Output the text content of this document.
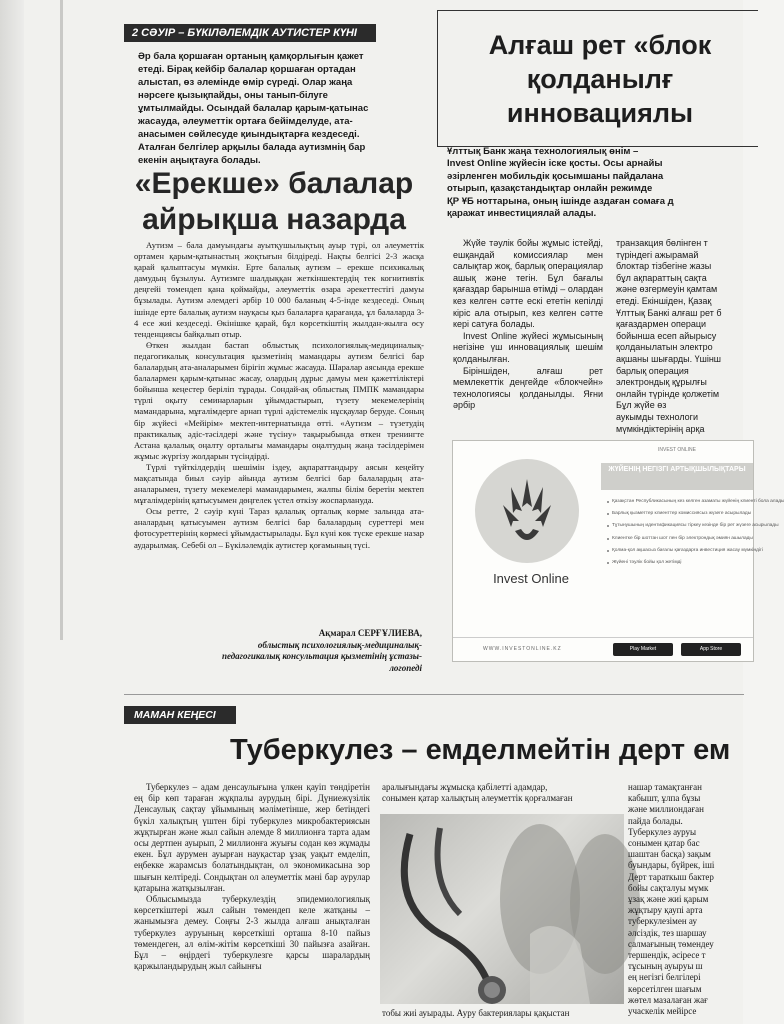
2 СӘУІР – БҮКІЛӘЛЕМДІК АУТИСТЕР КҮНІ
Әр бала қоршаған ортаның қамқорлығын қажет етеді. Бірақ кейбір балалар қоршаған ортадан алыстап, өз әлемінде өмір сүреді. Олар жаңа нәрсеге қызықпайды, оны танып-білуге ұмтылмайды. Осындай балалар қарым-қатынас жасауда, әлеуметтік ортаға бейімделуде, ата-анасымен сөйлесуде қиындықтарға кездеседі. Аталған белгілер арқылы балада аутизмнің бар екенін аңықтауға болады.
«Ерекше» балалар айрықша назарда

Аутизм – бала дамуындағы ауытқушылықтың ауыр түрі, ол әлеуметтік ортамен қарым-қатынастың жоқтығын білдіреді. Нақты белгісі 2-3 жасқа қарай қалыптасуы мүмкін. Ерте балалық аутизм – ерекше психикалық дамудың бұзылуы. Аутизмге шалдыққан жеткіншектердің тек когнитивтік деңгейі төмендеп қана қоймайды, әлеуметтік өзара әрекеттестігі дамуы бұзылады. Аутизм әлемдегі әрбір 10 000 баланың 4-5-інде кездеседі. Оның ішінде ерте балалық аутизм науқасы қыз балаларға қарағанда, ұл балаларда 3-4 есе жиі кездеседі. Өкінішке қарай, бұл көрсеткіштің жылдан-жылға өсу тенденциясы байқалып отыр.

Өткен жылдан бастап облыстық психологиялық-медициналық-педагогикалық консультация қызметінің мамандары аутизм белгісі бар балалардың ата-аналарымен бірігіп жұмыс жасауда. Шаралар аясында ерекше балалармен қарым-қатынас жасау, олардың дұрыс дамуы мен қажеттіліктері бойынша кеңестер беріліп тұрады. Сондай-ақ облыстық ПМПК мамандары түрлі оқыту семинарларын ұйымдастырып, түзету мекемелерінің мамандарына, мұғалімдерге арнап түрлі әдістемелік нұсқаулар беруде. Соның бір жүйесі «Мейірім» мектеп-интернатында өтті. «Аутизм – түзетудің практикалық әдіс-тәсілдері және түсіну» тақырыбында өткен тренингте Астана қалалық оңалту орталығы мамандары оңалтудың жаңа тәсілдерімен жұмыс жүргізу жолдарын түсіндірді.

Түрлі түйткілдердің шешімін іздеу, ақпараттандыру аясын кеңейту мақсатында биыл сәуір айында аутизм белгісі бар балалардың ата-аналарымен, түзету мекемелері мамандарымен, жалпы білім беретін мектеп мұғалімдерінің қатысуымен дөңгелек үстел өткізу жоспарлануда.

Осы ретте, 2 сәуір күні Тараз қалалық орталық көрме залында ата-аналардың қатысуымен аутизм белгісі бар балалардың суреттері мен фотосуреттерінің көрмесі ұйымдастырылады. Бұл күні көк түске ерекше назар аударылмақ. Себебі ол – Бүкіләлемдік аутистер қоғамының түсі.

Ақмарал СЕРҒҰЛИЕВА,
облыстық психологиялық-медициналық-педагогикалық консультация қызметінің ұстазы-логопеді
Алғаш рет «блок
қолданылғ
инновациялы
Ұлттық Банк жаңа технологиялық өнім –
Invest Online жүйесін іске қосты. Осы арнайы
әзірленген мобильдік қосымшаны пайдалана
отырып, қазақстандықтар онлайн режимде
ҚР ҰБ ноттарына, оның ішінде аздаған сомаға д
қаражат инвестициялай алады.

Жүйе тәулік бойы жұмыс істейді, ешқандай комиссиялар мен салықтар жоқ, барлық операциялар ашық және тегін. Бұл бағалы қағаздар барынша өтімді – олардан кез келген сәтте ескі ететін кепілді кіріс ала отырып, кез келген сәтте кері сатуға болады.

Invest Online жүйесі жұмысының негізіне үш инновациялық шешім қолданылған.

Біріншіден, алғаш рет мемлекеттік деңгейде «блокчейн» технологиясы қолданылды. Яғни әрбір

транзакция бөлінген т

түріндегі ажырамай

блоктар тізбегіне жазы

бұл ақпараттың сақта

және өзгермеуін қамтам

етеді. Екіншіден, Қазақ

Ұлттық Банкі алғаш рет б

қағаздармен операци

бойынша есеп айырысу

қолданылатын электро

ақшаны шығарды. Үшінш

барлық операция

электрондық құрылғы

онлайн түрінде қолжетім

Бұл жүйе өз

аукымды технологи

мүмкіндіктерінің арқа

Invest Online
INVEST ONLINE
ЖҮЙЕНІҢ НЕГІЗГІ АРТЫҚШЫЛЫҚТАРЫ
Қазақстан Республикасының кез келген азаматы жүйенің клиенті бола алады
Барлық қызметтер клиенттер комиссиясыз жүзеге асырылады
Тұтынушының идентификациясы тіркеу кезінде бір рет жүзеге асырылады
Клиентке бір шоттан шот пен бір электрондық әмиян ашылады
Қолма-қол ақшасыз бағалы қағаздарға инвестиция жасау мүмкіндігі
Жүйені тәулік бойы қол жетімді
WWW.INVESTONLINE.KZ	Play Market	App Store
МАМАН КЕҢЕСІ
Туберкулез – емделмейтін дерт ем

Туберкулез – адам денсаулығына үлкен қауіп төндіретін ең бір көп тараған жұқпалы аурудың бірі. Дүниежүзілік Денсаулық сақтау ұйымының мәліметінше, жер бетіндегі бүкіл халықтың үштен бірі туберкулез микробактериясын жұқтырған және жыл сайын әлемде 8 миллионға тарта адам осы дертпен ауырып, 2 миллионға жуығы содан көз жұмады екен. Бұл аурумен ауырған науқастар ұзақ уақыт емделіп, еңбекке жарамсыз болатындықтан, ол экономикасына зор шығын келтіреді. Сондықтан ол әлеуметтік мәні бар аурулар қатарына жатқызылған.

Облысымызда туберкулездің эпидемиологиялық көрсеткіштері жыл сайын төмендеп келе жатқаны – жанымызға демеу. Соңғы 2-3 жылда алғаш анықталған туберкулез ауруының көрсеткіші орташа 8-10 пайыз төмендеген, ал өлім-жітім көрсеткіші 30 пайызға азайған. Бұл – өңірдегі туберкулезге қарсы шаралардың қаржыландырудың жыл сайынғы

аралығындағы жұмысқа қабілетті адамдар,

сонымен қатар халықтың әлеуметтік қорғалмаған

тобы жиі ауырады. Ауру бактериялары қақыстан

нашар тамақтанған

кабышт, ұлпа бұзы

және миллиондаған

пайда болады.

Туберкулез ауруы

сонымен қатар бас

шаштан басқа) зақым

буындары, бүйрек, іші

Дерт тараткыш бактер

бойы сақталуы мүмк

ұзақ және жиі қарым

жұқтыру қаупі арта

туберкулезімен ау

әлсіздік, тез шаршау

салмағының төмендеу

тершендік, әсіресе т

тұсының ауыруы ш

ең негізгі белгілері

көрсетілген шағым

жөтел мазалаған жағ

учаскелік мейірсе
